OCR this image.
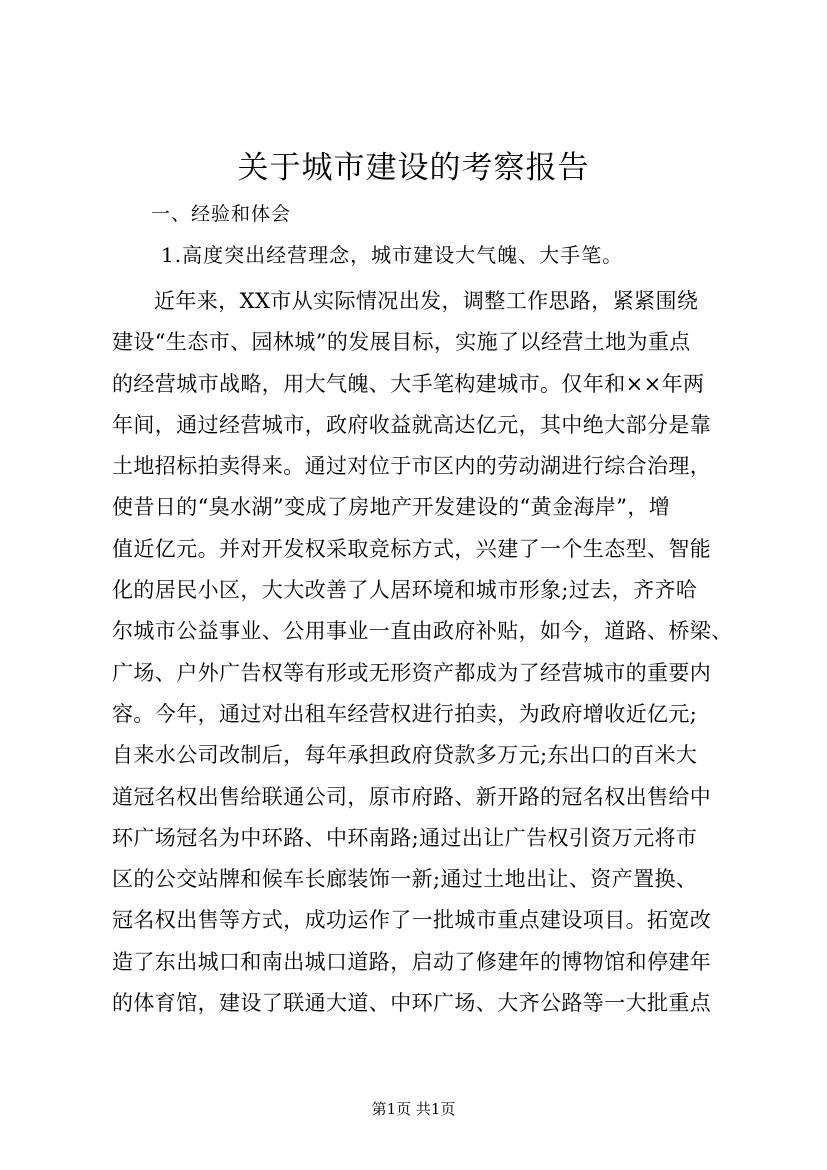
关于城市建设的考察报告

一、经验和体会

1.高度突出经营理念，城市建设大气魄、大手笔。

近年来，XX市从实际情况出发，调整工作思路，紧紧围绕
建设“生态市、园林城”的发展目标，实施了以经营土地为重点
的经营城市战略，用大气魄、大手笔构建城市。仅年和××年两
年间，通过经营城市，政府收益就高达亿元，其中绝大部分是靠
土地招标拍卖得来。通过对位于市区内的劳动湖进行综合治理，
使昔日的“臭水湖”变成了房地产开发建设的“黄金海岸”，增
值近亿元。并对开发权采取竞标方式，兴建了一个生态型、智能
化的居民小区，大大改善了人居环境和城市形象;过去，齐齐哈
尔城市公益事业、公用事业一直由政府补贴，如今，道路、桥梁、
广场、户外广告权等有形或无形资产都成为了经营城市的重要内
容。今年，通过对出租车经营权进行拍卖，为政府增收近亿元;
自来水公司改制后，每年承担政府贷款多万元;东出口的百米大
道冠名权出售给联通公司，原市府路、新开路的冠名权出售给中
环广场冠名为中环路、中环南路;通过出让广告权引资万元将市
区的公交站牌和候车长廊装饰一新;通过土地出让、资产置换、
冠名权出售等方式，成功运作了一批城市重点建设项目。拓宽改
造了东出城口和南出城口道路，启动了修建年的博物馆和停建年
的体育馆，建设了联通大道、中环广场、大齐公路等一大批重点
第1页 共1页
